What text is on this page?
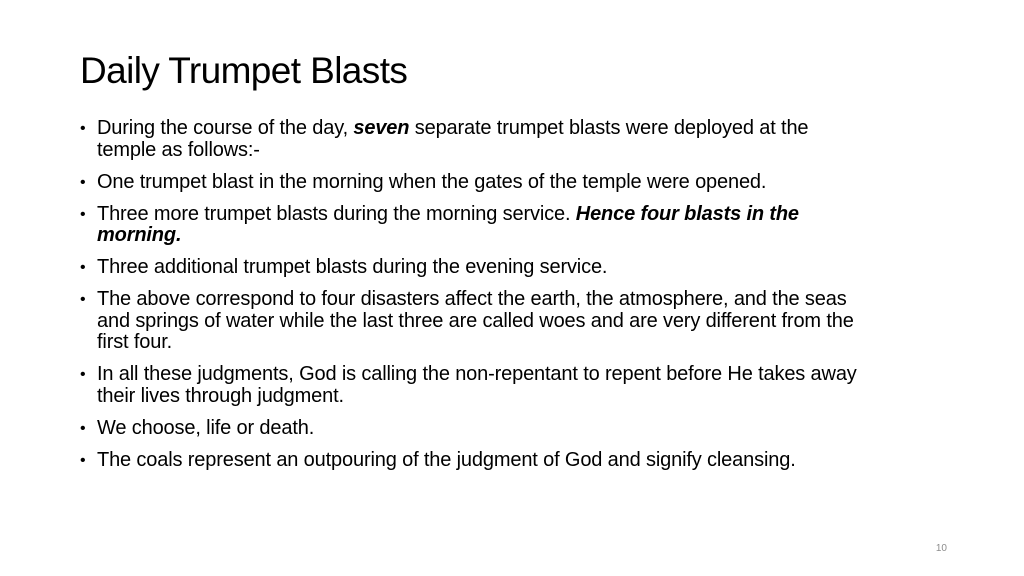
Daily Trumpet Blasts
• During the course of the day, seven separate trumpet blasts were deployed at the temple as follows:-
• One trumpet blast in the morning when the gates of the temple were opened.
• Three more trumpet blasts during the morning service. Hence four blasts in the morning.
• Three additional trumpet blasts during the evening service.
• The above correspond to four disasters affect the earth, the atmosphere, and the seas and springs of water while the last three are called woes and are very different from the first four.
• In all these judgments, God is calling the non-repentant to repent before He takes away their lives through judgment.
• We choose, life or death.
• The coals represent an outpouring of the judgment of God and signify cleansing.
10
